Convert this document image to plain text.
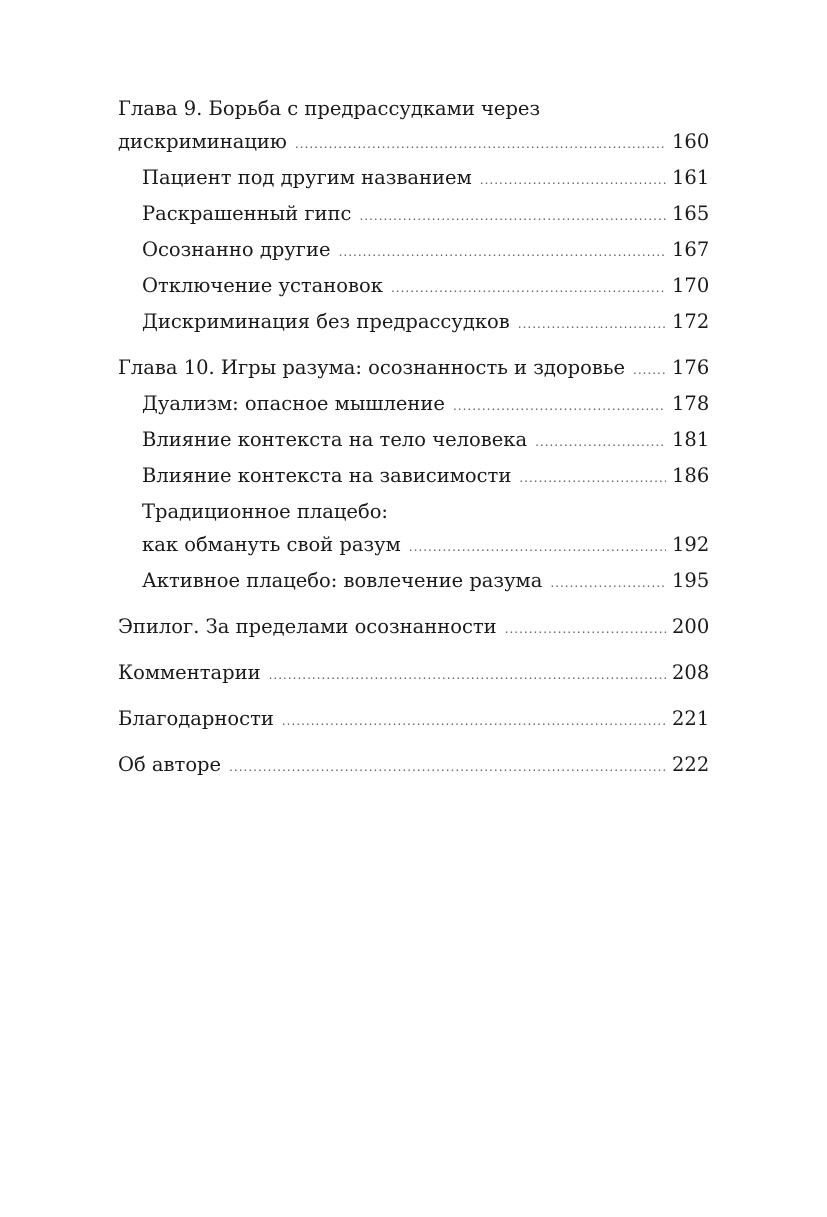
Глава 9. Борьба с предрассудками через
дискриминацию .....	160
Пациент под другим названием .....	161
Раскрашенный гипс .....	165
Осознанно другие .....	167
Отключение установок .....	170
Дискриминация без предрассудков .....	172
Глава 10. Игры разума: осознанность и здоровье ..... 176
Дуализм: опасное мышление .....	178
Влияние контекста на тело человека .....	181
Влияние контекста на зависимости .....	186
Традиционное плацебо:
как обмануть свой разум .....	192
Активное плацебо: вовлечение разума .....	195
Эпилог. За пределами осознанности .....	200
Комментарии .....	208
Благодарности .....	221
Об авторе .....	222
